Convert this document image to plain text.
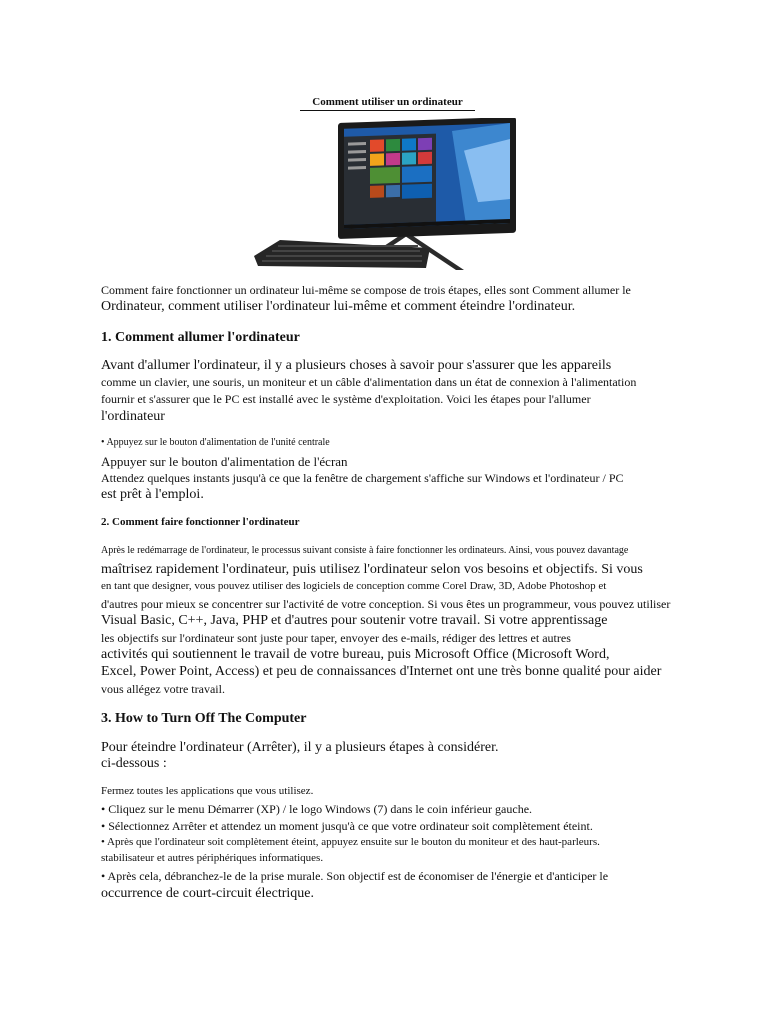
Comment utiliser un ordinateur
Comment faire fonctionner un ordinateur lui-même se compose de trois étapes, elles sont Comment allumer le
Ordinateur, comment utiliser l'ordinateur lui-même et comment éteindre l'ordinateur.
1. Comment allumer l'ordinateur
Avant d'allumer l'ordinateur, il y a plusieurs choses à savoir pour s'assurer que les appareils
comme un clavier, une souris, un moniteur et un câble d'alimentation dans un état de connexion à l'alimentation
fournir et s'assurer que le PC est installé avec le système d'exploitation. Voici les étapes pour l'allumer
l'ordinateur
• Appuyez sur le bouton d'alimentation de l'unité centrale
Appuyer sur le bouton d'alimentation de l'écran
Attendez quelques instants jusqu'à ce que la fenêtre de chargement s'affiche sur Windows et l'ordinateur / PC
est prêt à l'emploi.
2. Comment faire fonctionner l'ordinateur
Après le redémarrage de l'ordinateur, le processus suivant consiste à faire fonctionner les ordinateurs. Ainsi, vous pouvez davantage
maîtrisez rapidement l'ordinateur, puis utilisez l'ordinateur selon vos besoins et objectifs. Si vous
en tant que designer, vous pouvez utiliser des logiciels de conception comme Corel Draw, 3D, Adobe Photoshop et
d'autres pour mieux se concentrer sur l'activité de votre conception. Si vous êtes un programmeur, vous pouvez utiliser
Visual Basic, C++, Java, PHP et d'autres pour soutenir votre travail. Si votre apprentissage
les objectifs sur l'ordinateur sont juste pour taper, envoyer des e-mails, rédiger des lettres et autres
activités qui soutiennent le travail de votre bureau, puis Microsoft Office (Microsoft Word,
Excel, Power Point, Access) et peu de connaissances d'Internet ont une très bonne qualité pour aider
vous allégez votre travail.
3. How to Turn Off The Computer
Pour éteindre l'ordinateur (Arrêter), il y a plusieurs étapes à considérer.
ci-dessous :
Fermez toutes les applications que vous utilisez.
• Cliquez sur le menu Démarrer (XP) / le logo Windows (7) dans le coin inférieur gauche.
• Sélectionnez Arrêter et attendez un moment jusqu'à ce que votre ordinateur soit complètement éteint.
• Après que l'ordinateur soit complètement éteint, appuyez ensuite sur le bouton du moniteur et des haut-parleurs.
stabilisateur et autres périphériques informatiques.
• Après cela, débranchez-le de la prise murale. Son objectif est de économiser de l'énergie et d'anticiper le
occurrence de court-circuit électrique.
